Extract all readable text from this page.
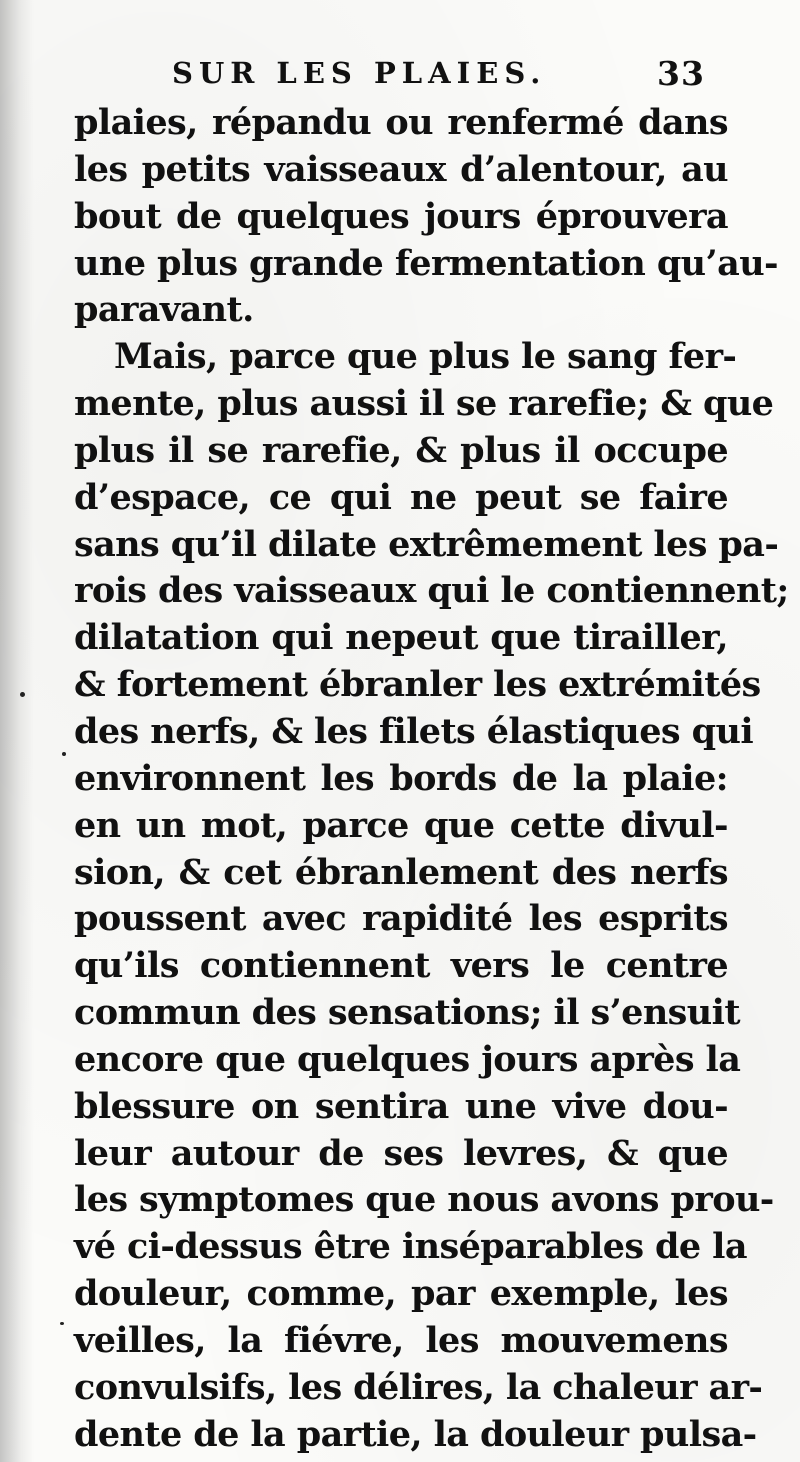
SUR LES PLAIES.	33
plaies, répandu ou renfermé dans
les petits vaisseaux d’alentour, au
bout de quelques jours éprouvera
une plus grande fermentation qu’au-
paravant.
Mais, parce que plus le sang fer-
mente, plus aussi il se rarefie; & que
plus il se rarefie, & plus il occupe
d’espace, ce qui ne peut se faire
sans qu’il dilate extrêmement les pa-
rois des vaisseaux qui le contiennent;
dilatation qui nepeut que tirailler,
& fortement ébranler les extrémités
des nerfs, & les filets élastiques qui
environnent les bords de la plaie:
en un mot, parce que cette divul-
sion, & cet ébranlement des nerfs
poussent avec rapidité les esprits
qu’ils contiennent vers le centre
commun des sensations; il s’ensuit
encore que quelques jours après la
blessure on sentira une vive dou-
leur autour de ses levres, & que
les symptomes que nous avons prou-
vé ci-dessus être inséparables de la
douleur, comme, par exemple, les
veilles, la fiévre, les mouvemens
convulsifs, les délires, la chaleur ar-
dente de la partie, la douleur pulsa-
